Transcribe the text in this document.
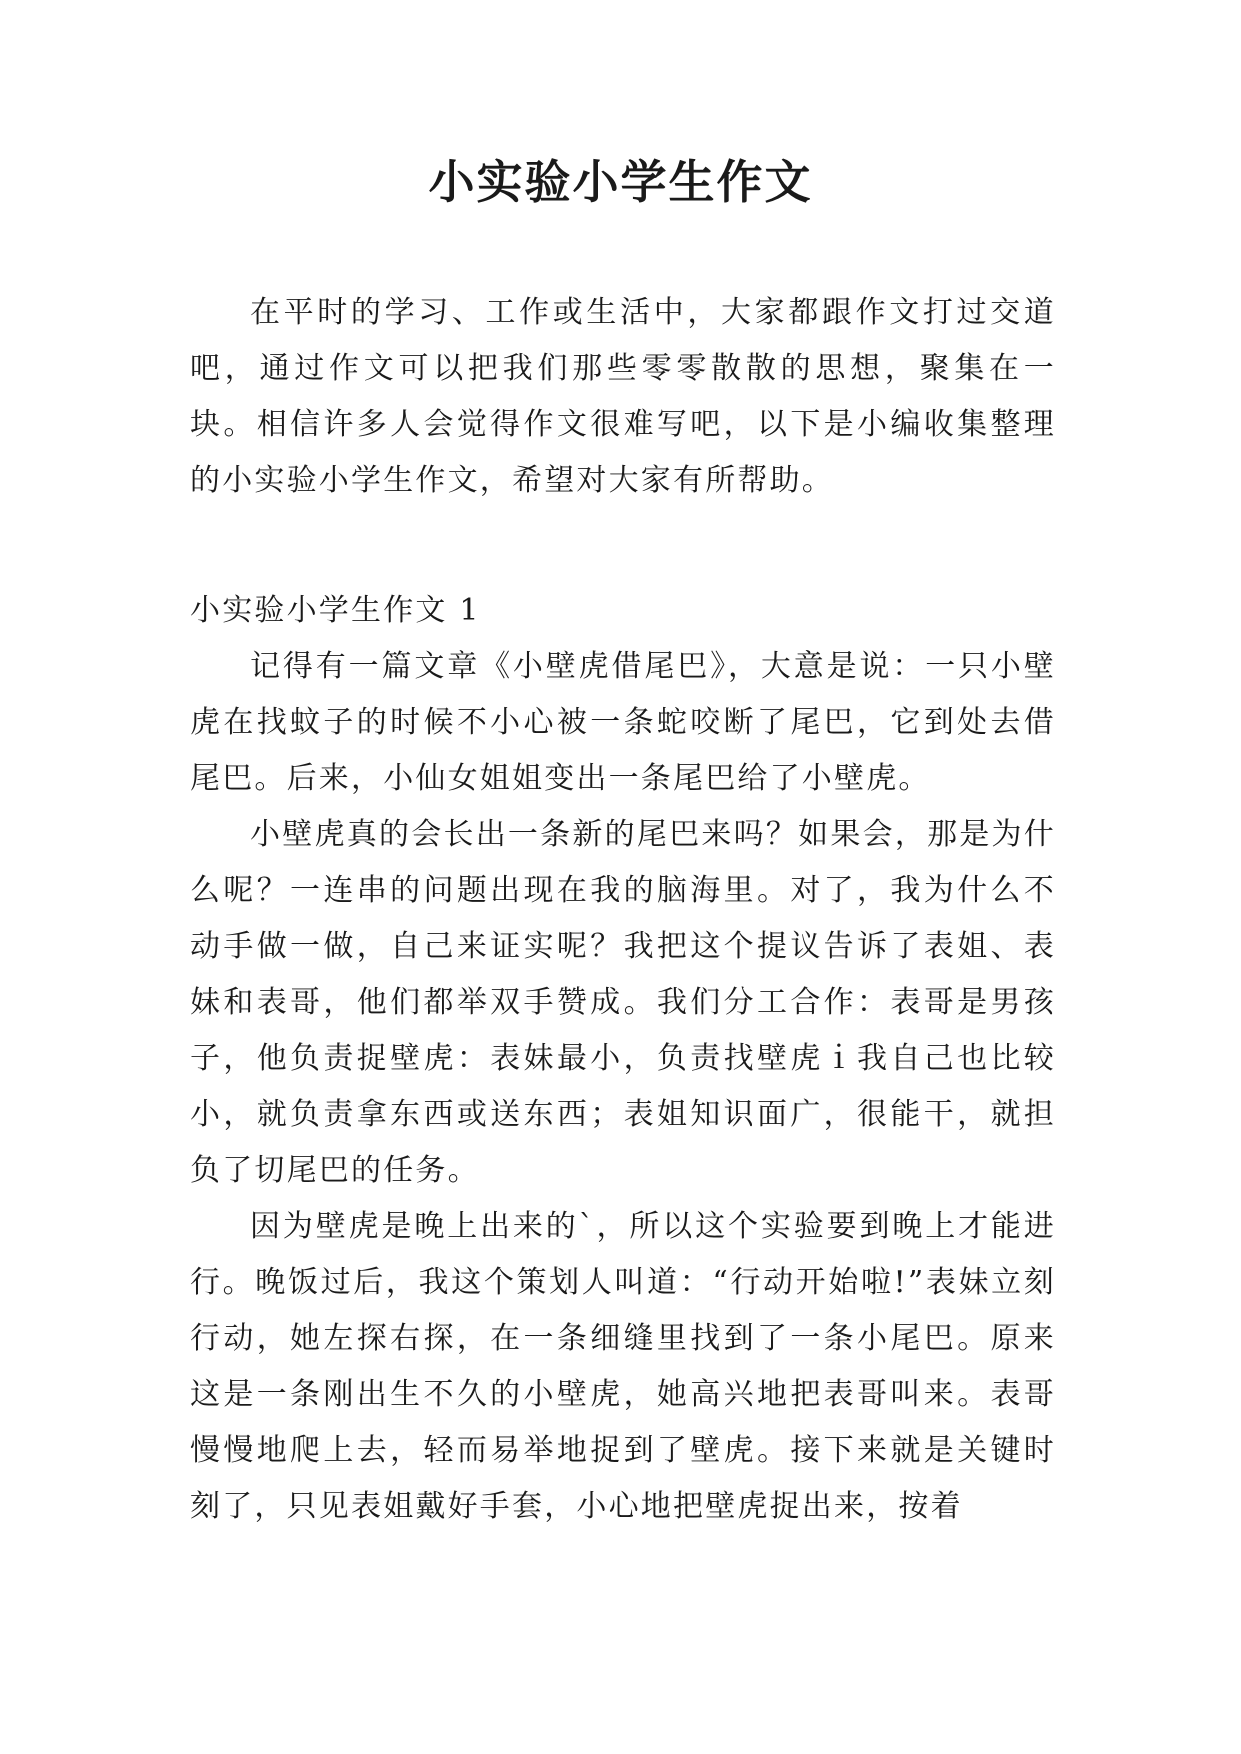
小实验小学生作文

在平时的学习、工作或生活中，大家都跟作文打过交道吧，通过作文可以把我们那些零零散散的思想，聚集在一块。相信许多人会觉得作文很难写吧，以下是小编收集整理的小实验小学生作文，希望对大家有所帮助。

小实验小学生作文 1

记得有一篇文章《小壁虎借尾巴》，大意是说：一只小壁虎在找蚊子的时候不小心被一条蛇咬断了尾巴，它到处去借尾巴。后来，小仙女姐姐变出一条尾巴给了小壁虎。

小壁虎真的会长出一条新的尾巴来吗？如果会，那是为什么呢？一连串的问题出现在我的脑海里。对了，我为什么不动手做一做，自己来证实呢？我把这个提议告诉了表姐、表妹和表哥，他们都举双手赞成。我们分工合作：表哥是男孩子，他负责捉壁虎：表妹最小，负责找壁虎ｉ我自己也比较小，就负责拿东西或送东西；表姐知识面广，很能干，就担负了切尾巴的任务。

因为壁虎是晚上出来的`，所以这个实验要到晚上才能进行。晚饭过后，我这个策划人叫道：“行动开始啦!”表妹立刻行动，她左探右探，在一条细缝里找到了一条小尾巴。原来这是一条刚出生不久的小壁虎，她高兴地把表哥叫来。表哥慢慢地爬上去，轻而易举地捉到了壁虎。接下来就是关键时刻了，只见表姐戴好手套，小心地把壁虎捉出来，按着
